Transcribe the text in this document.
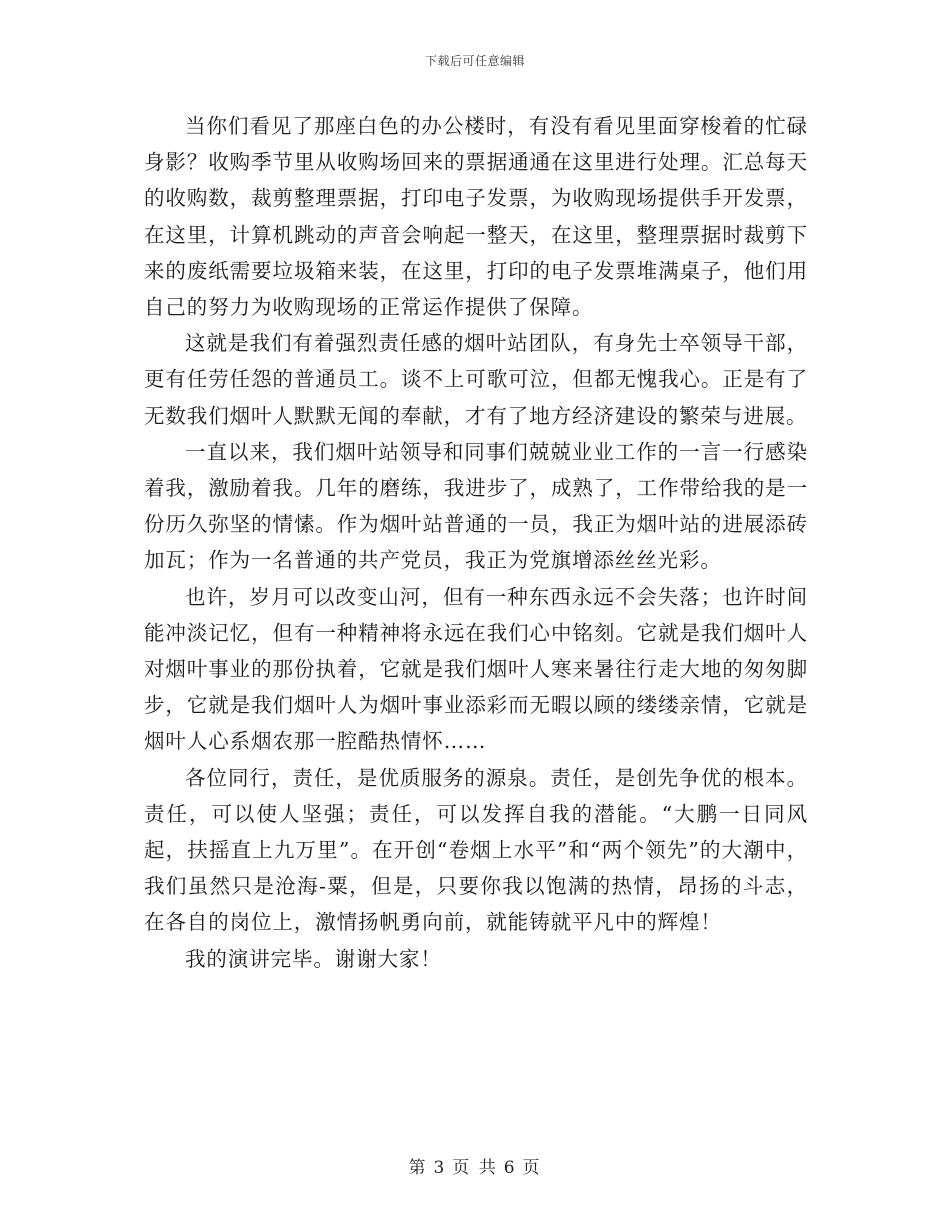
下载后可任意编辑

当你们看见了那座白色的办公楼时，有没有看见里面穿梭着的忙碌身影？收购季节里从收购场回来的票据通通在这里进行处理。汇总每天的收购数，裁剪整理票据，打印电子发票，为收购现场提供手开发票，在这里，计算机跳动的声音会响起一整天，在这里，整理票据时裁剪下来的废纸需要垃圾箱来装，在这里，打印的电子发票堆满桌子，他们用自己的努力为收购现场的正常运作提供了保障。

这就是我们有着强烈责任感的烟叶站团队，有身先士卒领导干部，更有任劳任怨的普通员工。谈不上可歌可泣，但都无愧我心。正是有了无数我们烟叶人默默无闻的奉献，才有了地方经济建设的繁荣与进展。

一直以来，我们烟叶站领导和同事们兢兢业业工作的一言一行感染着我，激励着我。几年的磨练，我进步了，成熟了，工作带给我的是一份历久弥坚的情愫。作为烟叶站普通的一员，我正为烟叶站的进展添砖加瓦；作为一名普通的共产党员，我正为党旗增添丝丝光彩。

也许，岁月可以改变山河，但有一种东西永远不会失落；也许时间能冲淡记忆，但有一种精神将永远在我们心中铭刻。它就是我们烟叶人对烟叶事业的那份执着，它就是我们烟叶人寒来暑往行走大地的匆匆脚步，它就是我们烟叶人为烟叶事业添彩而无暇以顾的缕缕亲情，它就是烟叶人心系烟农那一腔酷热情怀……

各位同行，责任，是优质服务的源泉。责任，是创先争优的根本。责任，可以使人坚强；责任，可以发挥自我的潜能。“大鹏一日同风起，扶摇直上九万里”。在开创“卷烟上水平”和“两个领先”的大潮中，我们虽然只是沧海-粟，但是，只要你我以饱满的热情，昂扬的斗志，在各自的岗位上，激情扬帆勇向前，就能铸就平凡中的辉煌！

我的演讲完毕。谢谢大家！

第 3 页 共 6 页
